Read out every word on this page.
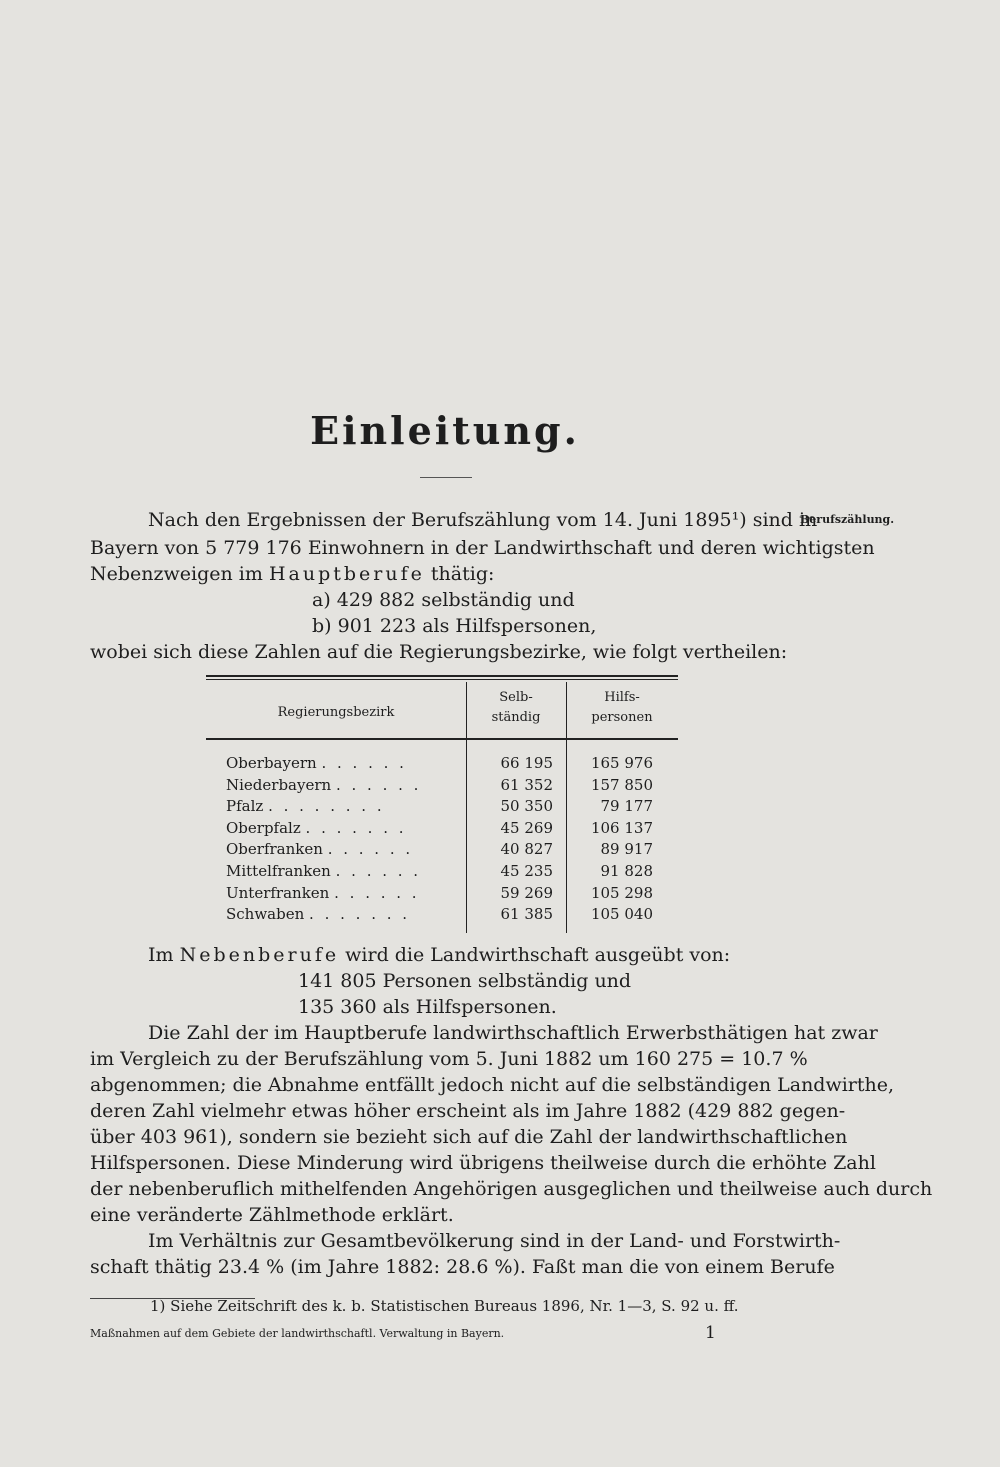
Einleitung.
Berufszählung.
Nach den Ergebnissen der Berufszählung vom 14. Juni 1895¹) sind in
Bayern von 5 779 176 Einwohnern in der Landwirthschaft und deren wichtigsten
Nebenzweigen im Hauptberufe thätig:
a) 429 882 selbständig und
b) 901 223 als Hilfspersonen,
wobei sich diese Zahlen auf die Regierungsbezirke, wie folgt vertheilen:
Regierungsbezirk
Selb-
ständig
Hilfs-
personen
Oberbayern . . . . . .	66 195	165 976
Niederbayern . . . . . .	61 352	157 850
Pfalz . . . . . . . .	50 350	79 177
Oberpfalz . . . . . . .	45 269	106 137
Oberfranken . . . . . .	40 827	89 917
Mittelfranken . . . . . .	45 235	91 828
Unterfranken . . . . . .	59 269	105 298
Schwaben . . . . . . .	61 385	105 040
Im Nebenberufe wird die Landwirthschaft ausgeübt von:
141 805 Personen selbständig und
135 360 als Hilfspersonen.
Die Zahl der im Hauptberufe landwirthschaftlich Erwerbsthätigen hat zwar
im Vergleich zu der Berufszählung vom 5. Juni 1882 um 160 275 = 10.7 %
abgenommen; die Abnahme entfällt jedoch nicht auf die selbständigen Landwirthe,
deren Zahl vielmehr etwas höher erscheint als im Jahre 1882 (429 882 gegen-
über 403 961), sondern sie bezieht sich auf die Zahl der landwirthschaftlichen
Hilfspersonen. Diese Minderung wird übrigens theilweise durch die erhöhte Zahl
der nebenberuflich mithelfenden Angehörigen ausgeglichen und theilweise auch durch
eine veränderte Zählmethode erklärt.
Im Verhältnis zur Gesamtbevölkerung sind in der Land- und Forstwirth-
schaft thätig 23.4 % (im Jahre 1882: 28.6 %). Faßt man die von einem Berufe
1) Siehe Zeitschrift des k. b. Statistischen Bureaus 1896, Nr. 1—3, S. 92 u. ff.
Maßnahmen auf dem Gebiete der landwirthschaftl. Verwaltung in Bayern.	1
